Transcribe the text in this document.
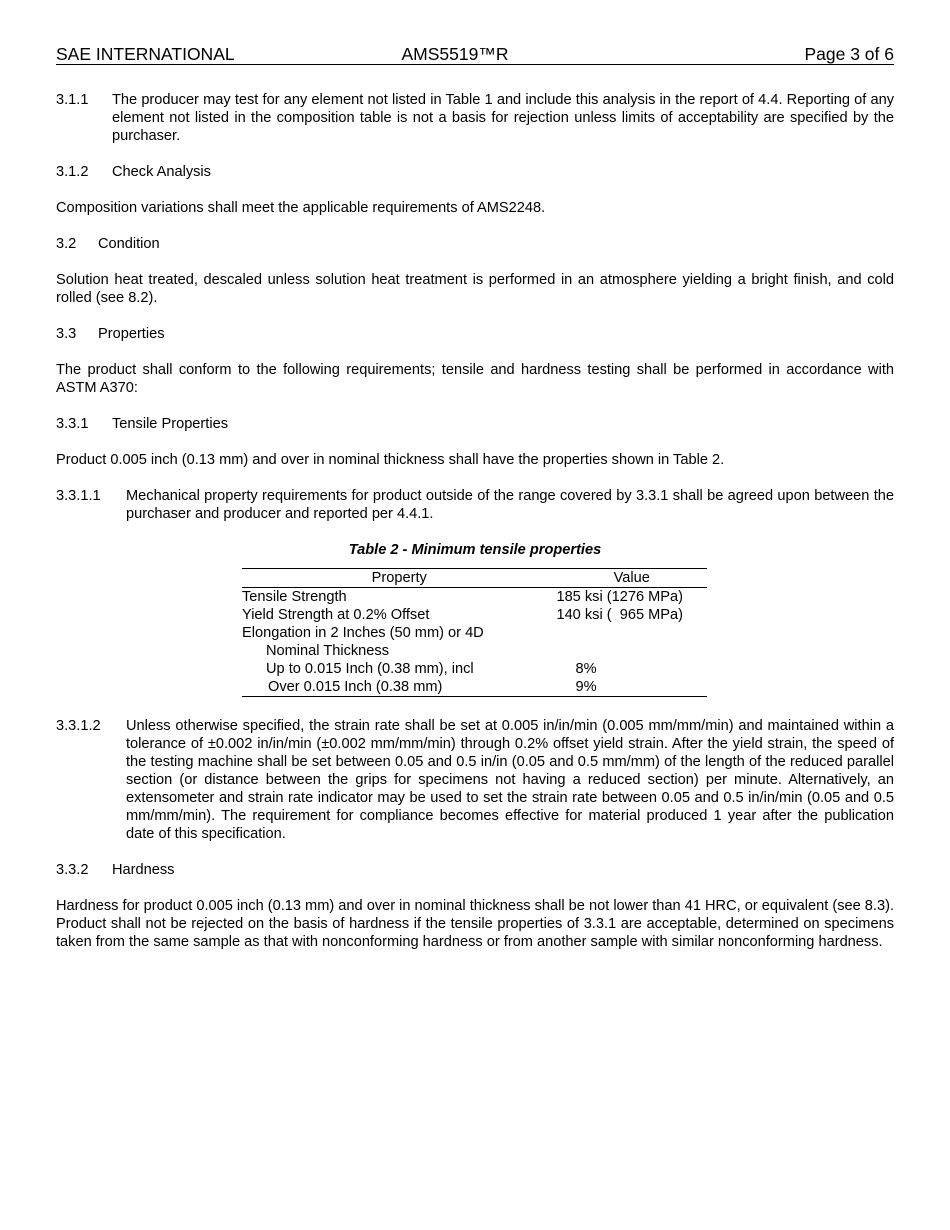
SAE INTERNATIONAL	AMS5519™R	Page 3 of 6
3.1.1	The producer may test for any element not listed in Table 1 and include this analysis in the report of 4.4. Reporting of any element not listed in the composition table is not a basis for rejection unless limits of acceptability are specified by the purchaser.
3.1.2	Check Analysis

Composition variations shall meet the applicable requirements of AMS2248.

3.2	Condition

Solution heat treated, descaled unless solution heat treatment is performed in an atmosphere yielding a bright finish, and cold rolled (see 8.2).

3.3	Properties

The product shall conform to the following requirements; tensile and hardness testing shall be performed in accordance with ASTM A370:

3.3.1	Tensile Properties

Product 0.005 inch (0.13 mm) and over in nominal thickness shall have the properties shown in Table 2.

3.3.1.1	Mechanical property requirements for product outside of the range covered by 3.3.1 shall be agreed upon between the purchaser and producer and reported per 4.4.1.
Table 2 - Minimum tensile properties
Property	Value
Tensile Strength	185 ksi (1276 MPa)
Yield Strength at 0.2% Offset	140 ksi (  965 MPa)
Elongation in 2 Inches (50 mm) or 4D	
Nominal Thickness	
Up to 0.015 Inch (0.38 mm), incl	8%
Over 0.015 Inch (0.38 mm)	9%
3.3.1.2	Unless otherwise specified, the strain rate shall be set at 0.005 in/in/min (0.005 mm/mm/min) and maintained within a tolerance of ±0.002 in/in/min (±0.002 mm/mm/min) through 0.2% offset yield strain. After the yield strain, the speed of the testing machine shall be set between 0.05 and 0.5 in/in (0.05 and 0.5 mm/mm) of the length of the reduced parallel section (or distance between the grips for specimens not having a reduced section) per minute. Alternatively, an extensometer and strain rate indicator may be used to set the strain rate between 0.05 and 0.5 in/in/min (0.05 and 0.5 mm/mm/min). The requirement for compliance becomes effective for material produced 1 year after the publication date of this specification.
3.3.2	Hardness

Hardness for product 0.005 inch (0.13 mm) and over in nominal thickness shall be not lower than 41 HRC, or equivalent (see 8.3). Product shall not be rejected on the basis of hardness if the tensile properties of 3.3.1 are acceptable, determined on specimens taken from the same sample as that with nonconforming hardness or from another sample with similar nonconforming hardness.
